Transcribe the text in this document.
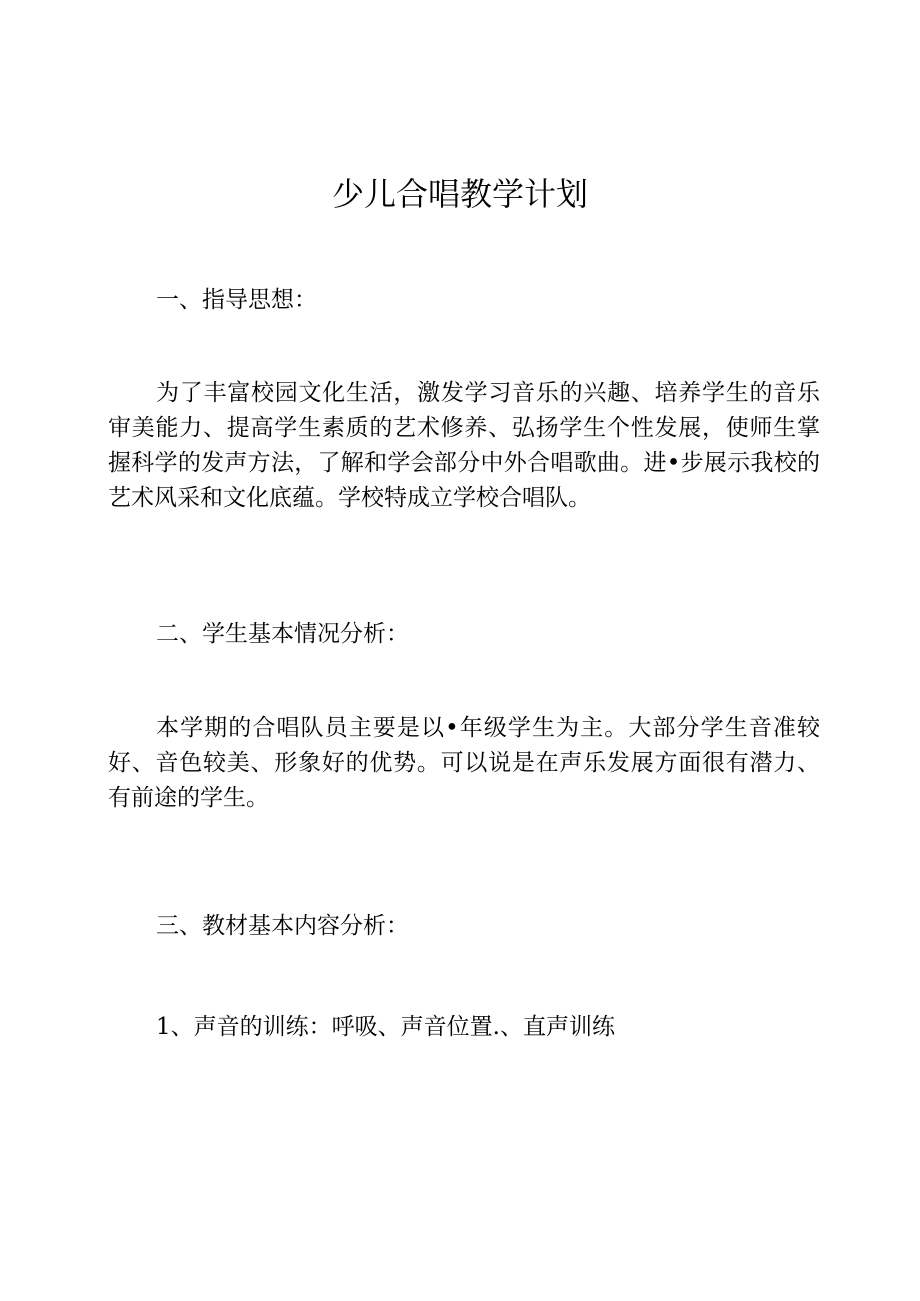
少儿合唱教学计划

一、指导思想：

为了丰富校园文化生活，激发学习音乐的兴趣、培养学生的音乐审美能力、提高学生素质的艺术修养、弘扬学生个性发展，使师生掌握科学的发声方法，了解和学会部分中外合唱歌曲。进•步展示我校的艺术风采和文化底蕴。学校特成立学校合唱队。

二、学生基本情况分析：

本学期的合唱队员主要是以•年级学生为主。大部分学生音准较好、音色较美、形象好的优势。可以说是在声乐发展方面很有潜力、有前途的学生。

三、教材基本内容分析：

1、声音的训练：呼吸、声音位置.、直声训练
